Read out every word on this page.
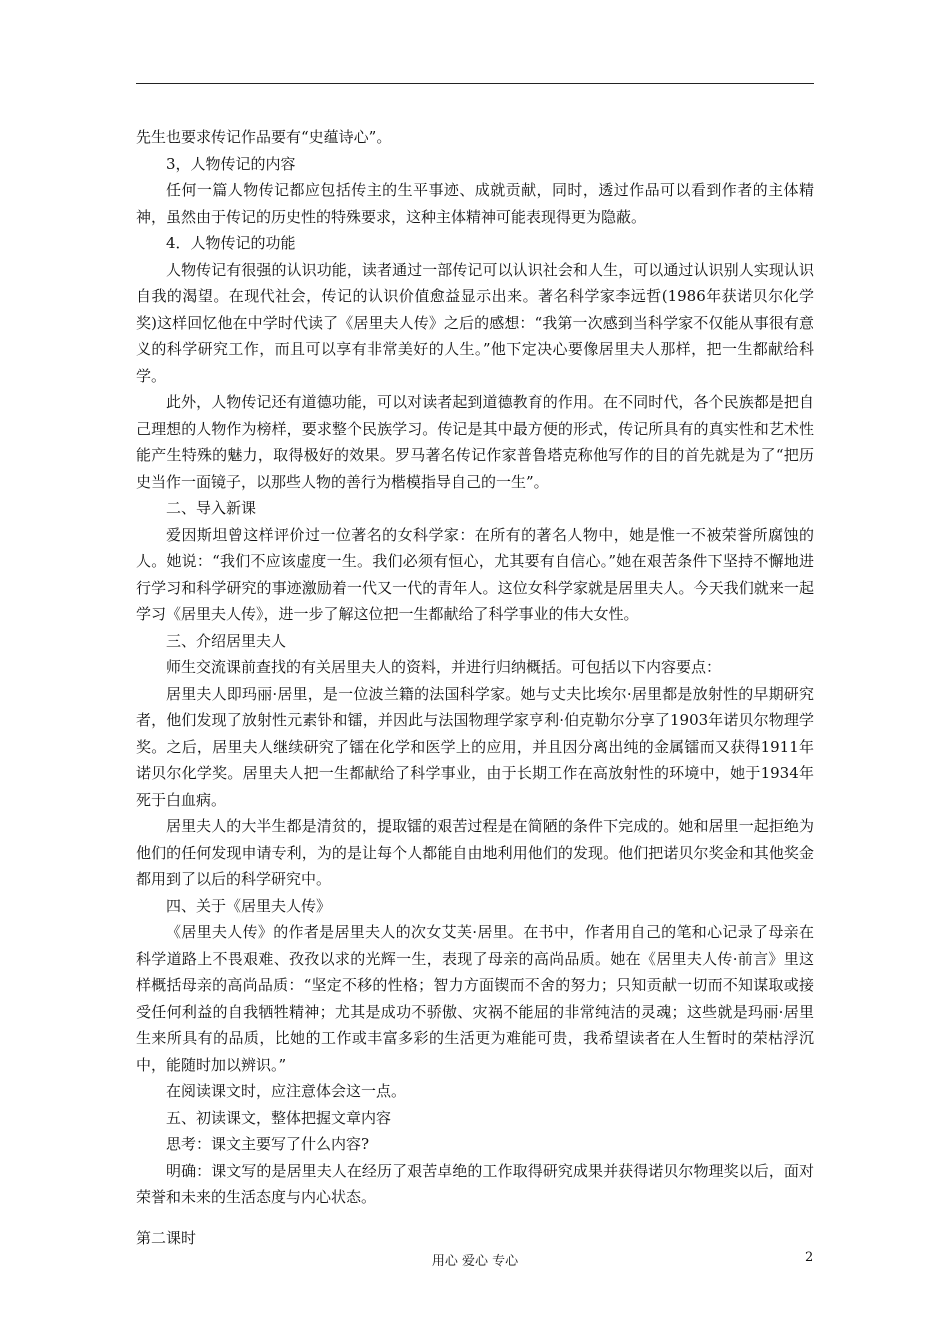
先生也要求传记作品要有“史蕴诗心”。

3，人物传记的内容

任何一篇人物传记都应包括传主的生平事迹、成就贡献，同时，透过作品可以看到作者的主体精神，虽然由于传记的历史性的特殊要求，这种主体精神可能表现得更为隐蔽。

4．人物传记的功能

人物传记有很强的认识功能，读者通过一部传记可以认识社会和人生，可以通过认识别人实现认识自我的渴望。在现代社会，传记的认识价值愈益显示出来。著名科学家李远哲(1986年获诺贝尔化学奖)这样回忆他在中学时代读了《居里夫人传》之后的感想：“我第一次感到当科学家不仅能从事很有意义的科学研究工作，而且可以享有非常美好的人生。”他下定决心要像居里夫人那样，把一生都献给科学。

此外，人物传记还有道德功能，可以对读者起到道德教育的作用。在不同时代，各个民族都是把自己理想的人物作为榜样，要求整个民族学习。传记是其中最方便的形式，传记所具有的真实性和艺术性能产生特殊的魅力，取得极好的效果。罗马著名传记作家普鲁塔克称他写作的目的首先就是为了“把历史当作一面镜子，以那些人物的善行为楷模指导自己的一生”。

二、导入新课

爱因斯坦曾这样评价过一位著名的女科学家：在所有的著名人物中，她是惟一不被荣誉所腐蚀的人。她说：“我们不应该虚度一生。我们必须有恒心，尤其要有自信心。”她在艰苦条件下坚持不懈地进行学习和科学研究的事迹激励着一代又一代的青年人。这位女科学家就是居里夫人。今天我们就来一起学习《居里夫人传》，进一步了解这位把一生都献给了科学事业的伟大女性。

三、介绍居里夫人

师生交流课前查找的有关居里夫人的资料，并进行归纳概括。可包括以下内容要点：

居里夫人即玛丽·居里，是一位波兰籍的法国科学家。她与丈夫比埃尔·居里都是放射性的早期研究者，他们发现了放射性元素钋和镭，并因此与法国物理学家亨利·伯克勒尔分享了1903年诺贝尔物理学奖。之后，居里夫人继续研究了镭在化学和医学上的应用，并且因分离出纯的金属镭而又获得1911年诺贝尔化学奖。居里夫人把一生都献给了科学事业，由于长期工作在高放射性的环境中，她于1934年死于白血病。

居里夫人的大半生都是清贫的，提取镭的艰苦过程是在简陋的条件下完成的。她和居里一起拒绝为他们的任何发现申请专利，为的是让每个人都能自由地利用他们的发现。他们把诺贝尔奖金和其他奖金都用到了以后的科学研究中。

四、关于《居里夫人传》

《居里夫人传》的作者是居里夫人的次女艾芙·居里。在书中，作者用自己的笔和心记录了母亲在科学道路上不畏艰难、孜孜以求的光辉一生，表现了母亲的高尚品质。她在《居里夫人传·前言》里这样概括母亲的高尚品质：“坚定不移的性格；智力方面锲而不舍的努力；只知贡献一切而不知谋取或接受任何利益的自我牺牲精神；尤其是成功不骄傲、灾祸不能屈的非常纯洁的灵魂；这些就是玛丽·居里生来所具有的品质，比她的工作或丰富多彩的生活更为难能可贵，我希望读者在人生暂时的荣枯浮沉中，能随时加以辨识。”

在阅读课文时，应注意体会这一点。

五、初读课文，整体把握文章内容

思考：课文主要写了什么内容?

明确：课文写的是居里夫人在经历了艰苦卓绝的工作取得研究成果并获得诺贝尔物理奖以后，面对荣誉和未来的生活态度与内心状态。

第二课时

用心 爱心 专心	2
